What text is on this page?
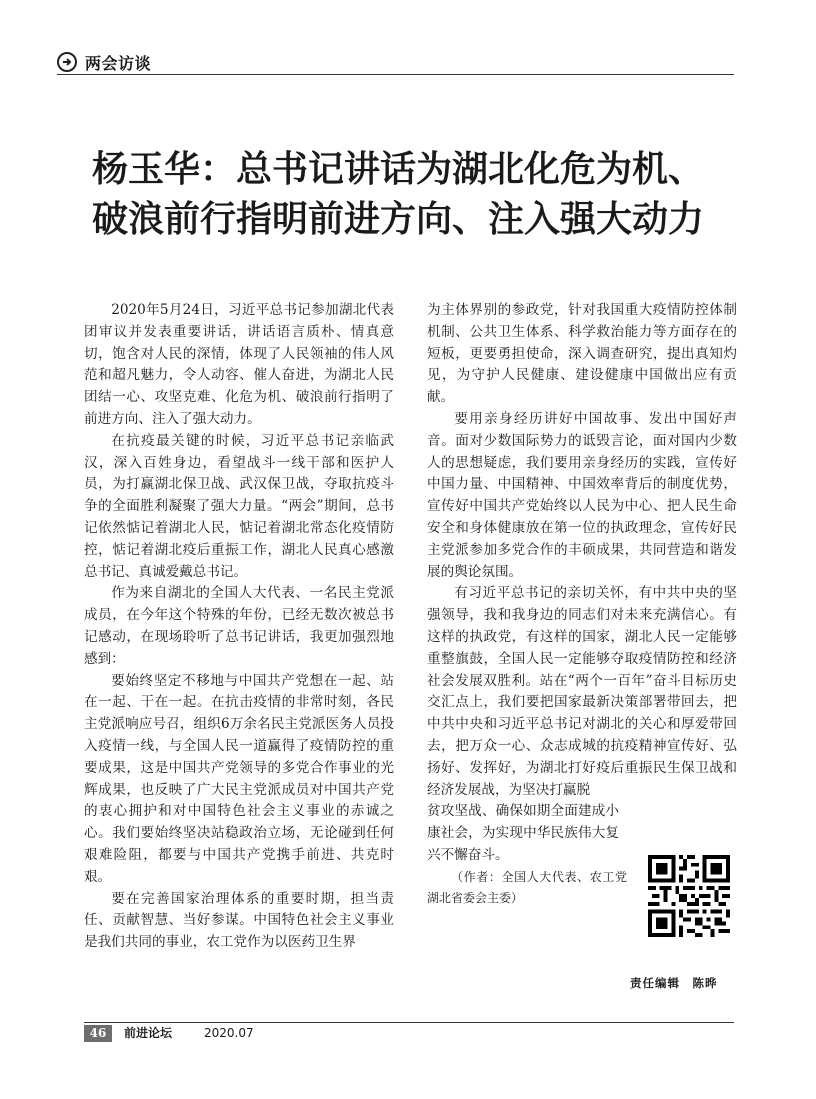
两会访谈
杨玉华：总书记讲话为湖北化危为机、
破浪前行指明前进方向、注入强大动力

2020年5月24日，习近平总书记参加湖北代表团审议并发表重要讲话，讲话语言质朴、情真意切，饱含对人民的深情，体现了人民领袖的伟人风范和超凡魅力，令人动容、催人奋进，为湖北人民团结一心、攻坚克难、化危为机、破浪前行指明了前进方向、注入了强大动力。

在抗疫最关键的时候，习近平总书记亲临武汉，深入百姓身边，看望战斗一线干部和医护人员，为打赢湖北保卫战、武汉保卫战，夺取抗疫斗争的全面胜利凝聚了强大力量。“两会”期间，总书记依然惦记着湖北人民，惦记着湖北常态化疫情防控，惦记着湖北疫后重振工作，湖北人民真心感激总书记、真诚爱戴总书记。

作为来自湖北的全国人大代表、一名民主党派成员，在今年这个特殊的年份，已经无数次被总书记感动，在现场聆听了总书记讲话，我更加强烈地感到：

要始终坚定不移地与中国共产党想在一起、站在一起、干在一起。在抗击疫情的非常时刻，各民主党派响应号召，组织6万余名民主党派医务人员投入疫情一线，与全国人民一道赢得了疫情防控的重要成果，这是中国共产党领导的多党合作事业的光辉成果，也反映了广大民主党派成员对中国共产党的衷心拥护和对中国特色社会主义事业的赤诚之心。我们要始终坚决站稳政治立场，无论碰到任何艰难险阻，都要与中国共产党携手前进、共克时艰。

要在完善国家治理体系的重要时期，担当责任、贡献智慧、当好参谋。中国特色社会主义事业是我们共同的事业，农工党作为以医药卫生界

为主体界别的参政党，针对我国重大疫情防控体制机制、公共卫生体系、科学救治能力等方面存在的短板，更要勇担使命，深入调查研究，提出真知灼见，为守护人民健康、建设健康中国做出应有贡献。

要用亲身经历讲好中国故事、发出中国好声音。面对少数国际势力的诋毁言论，面对国内少数人的思想疑虑，我们要用亲身经历的实践，宣传好中国力量、中国精神、中国效率背后的制度优势，宣传好中国共产党始终以人民为中心、把人民生命安全和身体健康放在第一位的执政理念，宣传好民主党派参加多党合作的丰硕成果，共同营造和谐发展的舆论氛围。

有习近平总书记的亲切关怀，有中共中央的坚强领导，我和我身边的同志们对未来充满信心。有这样的执政党，有这样的国家，湖北人民一定能够重整旗鼓，全国人民一定能够夺取疫情防控和经济社会发展双胜利。站在“两个一百年”奋斗目标历史交汇点上，我们要把国家最新决策部署带回去，把中共中央和习近平总书记对湖北的关心和厚爱带回去，把万众一心、众志成城的抗疫精神宣传好、弘扬好、发挥好，为湖北打好疫后重振民生保卫战和经济发展战，为坚决打赢脱

贫攻坚战、确保如期全面建成小康社会，为实现中华民族伟大复兴不懈奋斗。

（作者：全国人大代表、农工党湖北省委会主委）

责任编辑　陈晔
46	前进论坛	2020.07
